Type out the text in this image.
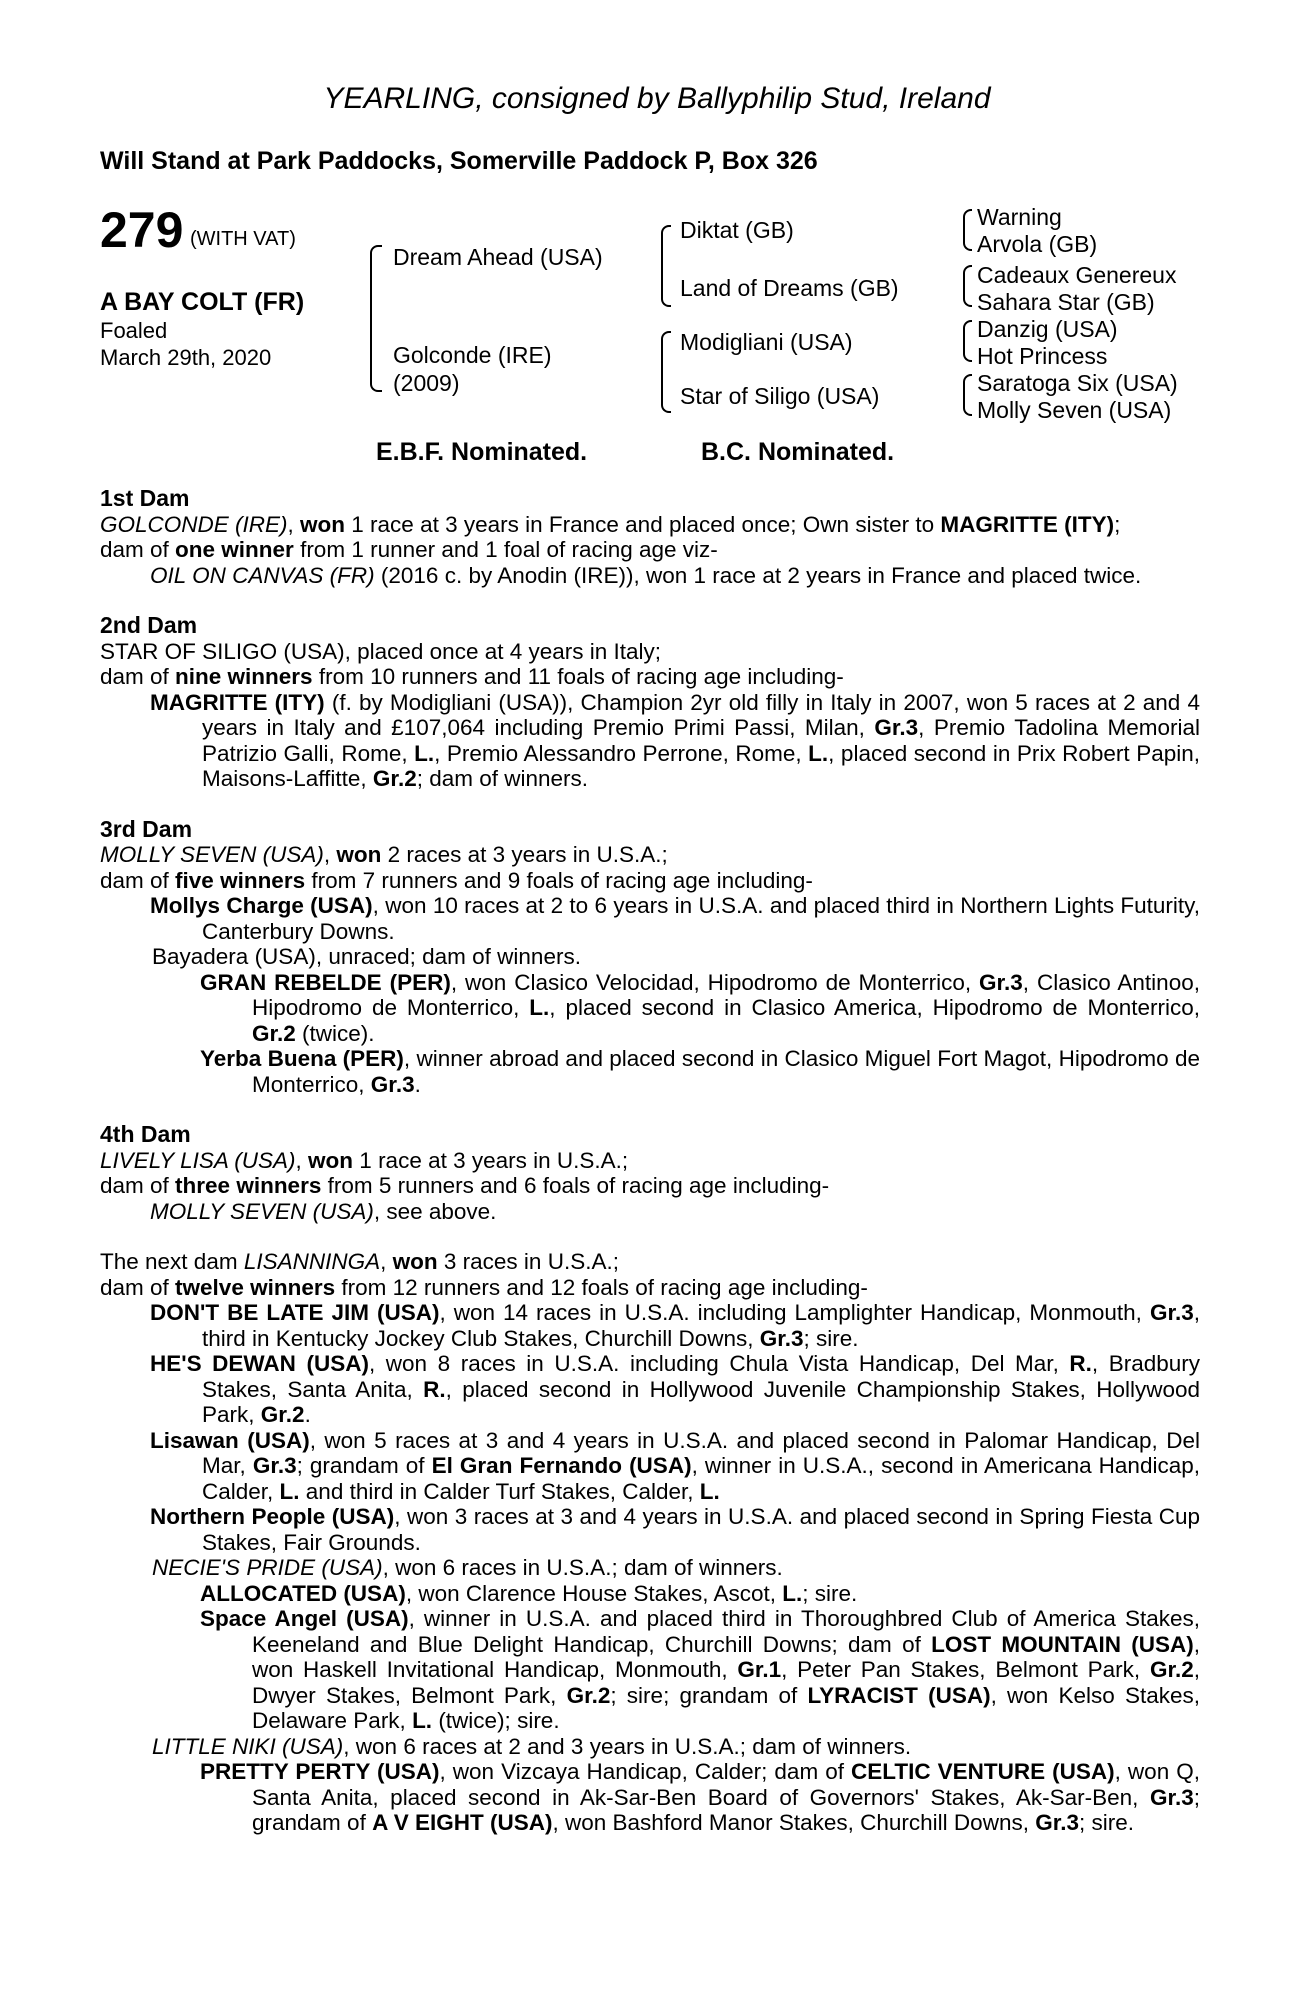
YEARLING, consigned by Ballyphilip Stud, Ireland
Will Stand at Park Paddocks, Somerville Paddock P, Box 326
279 (WITH VAT)
A BAY COLT (FR)
Foaled
March 29th, 2020
Dream Ahead (USA)
Golconde (IRE)
(2009)
Diktat (GB)
Land of Dreams (GB)
Modigliani (USA)
Star of Siligo (USA)
Warning
Arvola (GB)
Cadeaux Genereux
Sahara Star (GB)
Danzig (USA)
Hot Princess
Saratoga Six (USA)
Molly Seven (USA)
E.B.F. Nominated.	B.C. Nominated.
1st Dam
GOLCONDE (IRE), won 1 race at 3 years in France and placed once; Own sister to MAGRITTE (ITY);
dam of one winner from 1 runner and 1 foal of racing age viz-
OIL ON CANVAS (FR) (2016 c. by Anodin (IRE)), won 1 race at 2 years in France and placed twice.
2nd Dam
STAR OF SILIGO (USA), placed once at 4 years in Italy;
dam of nine winners from 10 runners and 11 foals of racing age including-
MAGRITTE (ITY) (f. by Modigliani (USA)), Champion 2yr old filly in Italy in 2007, won 5 races at 2 and 4 years in Italy and £107,064 including Premio Primi Passi, Milan, Gr.3, Premio Tadolina Memorial Patrizio Galli, Rome, L., Premio Alessandro Perrone, Rome, L., placed second in Prix Robert Papin, Maisons-Laffitte, Gr.2; dam of winners.
3rd Dam
MOLLY SEVEN (USA), won 2 races at 3 years in U.S.A.;
dam of five winners from 7 runners and 9 foals of racing age including-
Mollys Charge (USA), won 10 races at 2 to 6 years in U.S.A. and placed third in Northern Lights Futurity, Canterbury Downs.
Bayadera (USA), unraced; dam of winners.
GRAN REBELDE (PER), won Clasico Velocidad, Hipodromo de Monterrico, Gr.3, Clasico Antinoo, Hipodromo de Monterrico, L., placed second in Clasico America, Hipodromo de Monterrico, Gr.2 (twice).
Yerba Buena (PER), winner abroad and placed second in Clasico Miguel Fort Magot, Hipodromo de Monterrico, Gr.3.
4th Dam
LIVELY LISA (USA), won 1 race at 3 years in U.S.A.;
dam of three winners from 5 runners and 6 foals of racing age including-
MOLLY SEVEN (USA), see above.
The next dam LISANNINGA, won 3 races in U.S.A.;
dam of twelve winners from 12 runners and 12 foals of racing age including-
DON'T BE LATE JIM (USA), won 14 races in U.S.A. including Lamplighter Handicap, Monmouth, Gr.3, third in Kentucky Jockey Club Stakes, Churchill Downs, Gr.3; sire.
HE'S DEWAN (USA), won 8 races in U.S.A. including Chula Vista Handicap, Del Mar, R., Bradbury Stakes, Santa Anita, R., placed second in Hollywood Juvenile Championship Stakes, Hollywood Park, Gr.2.
Lisawan (USA), won 5 races at 3 and 4 years in U.S.A. and placed second in Palomar Handicap, Del Mar, Gr.3; grandam of El Gran Fernando (USA), winner in U.S.A., second in Americana Handicap, Calder, L. and third in Calder Turf Stakes, Calder, L.
Northern People (USA), won 3 races at 3 and 4 years in U.S.A. and placed second in Spring Fiesta Cup Stakes, Fair Grounds.
NECIE'S PRIDE (USA), won 6 races in U.S.A.; dam of winners.
ALLOCATED (USA), won Clarence House Stakes, Ascot, L.; sire.
Space Angel (USA), winner in U.S.A. and placed third in Thoroughbred Club of America Stakes, Keeneland and Blue Delight Handicap, Churchill Downs; dam of LOST MOUNTAIN (USA), won Haskell Invitational Handicap, Monmouth, Gr.1, Peter Pan Stakes, Belmont Park, Gr.2, Dwyer Stakes, Belmont Park, Gr.2; sire; grandam of LYRACIST (USA), won Kelso Stakes, Delaware Park, L. (twice); sire.
LITTLE NIKI (USA), won 6 races at 2 and 3 years in U.S.A.; dam of winners.
PRETTY PERTY (USA), won Vizcaya Handicap, Calder; dam of CELTIC VENTURE (USA), won Q, Santa Anita, placed second in Ak-Sar-Ben Board of Governors' Stakes, Ak-Sar-Ben, Gr.3; grandam of A V EIGHT (USA), won Bashford Manor Stakes, Churchill Downs, Gr.3; sire.
